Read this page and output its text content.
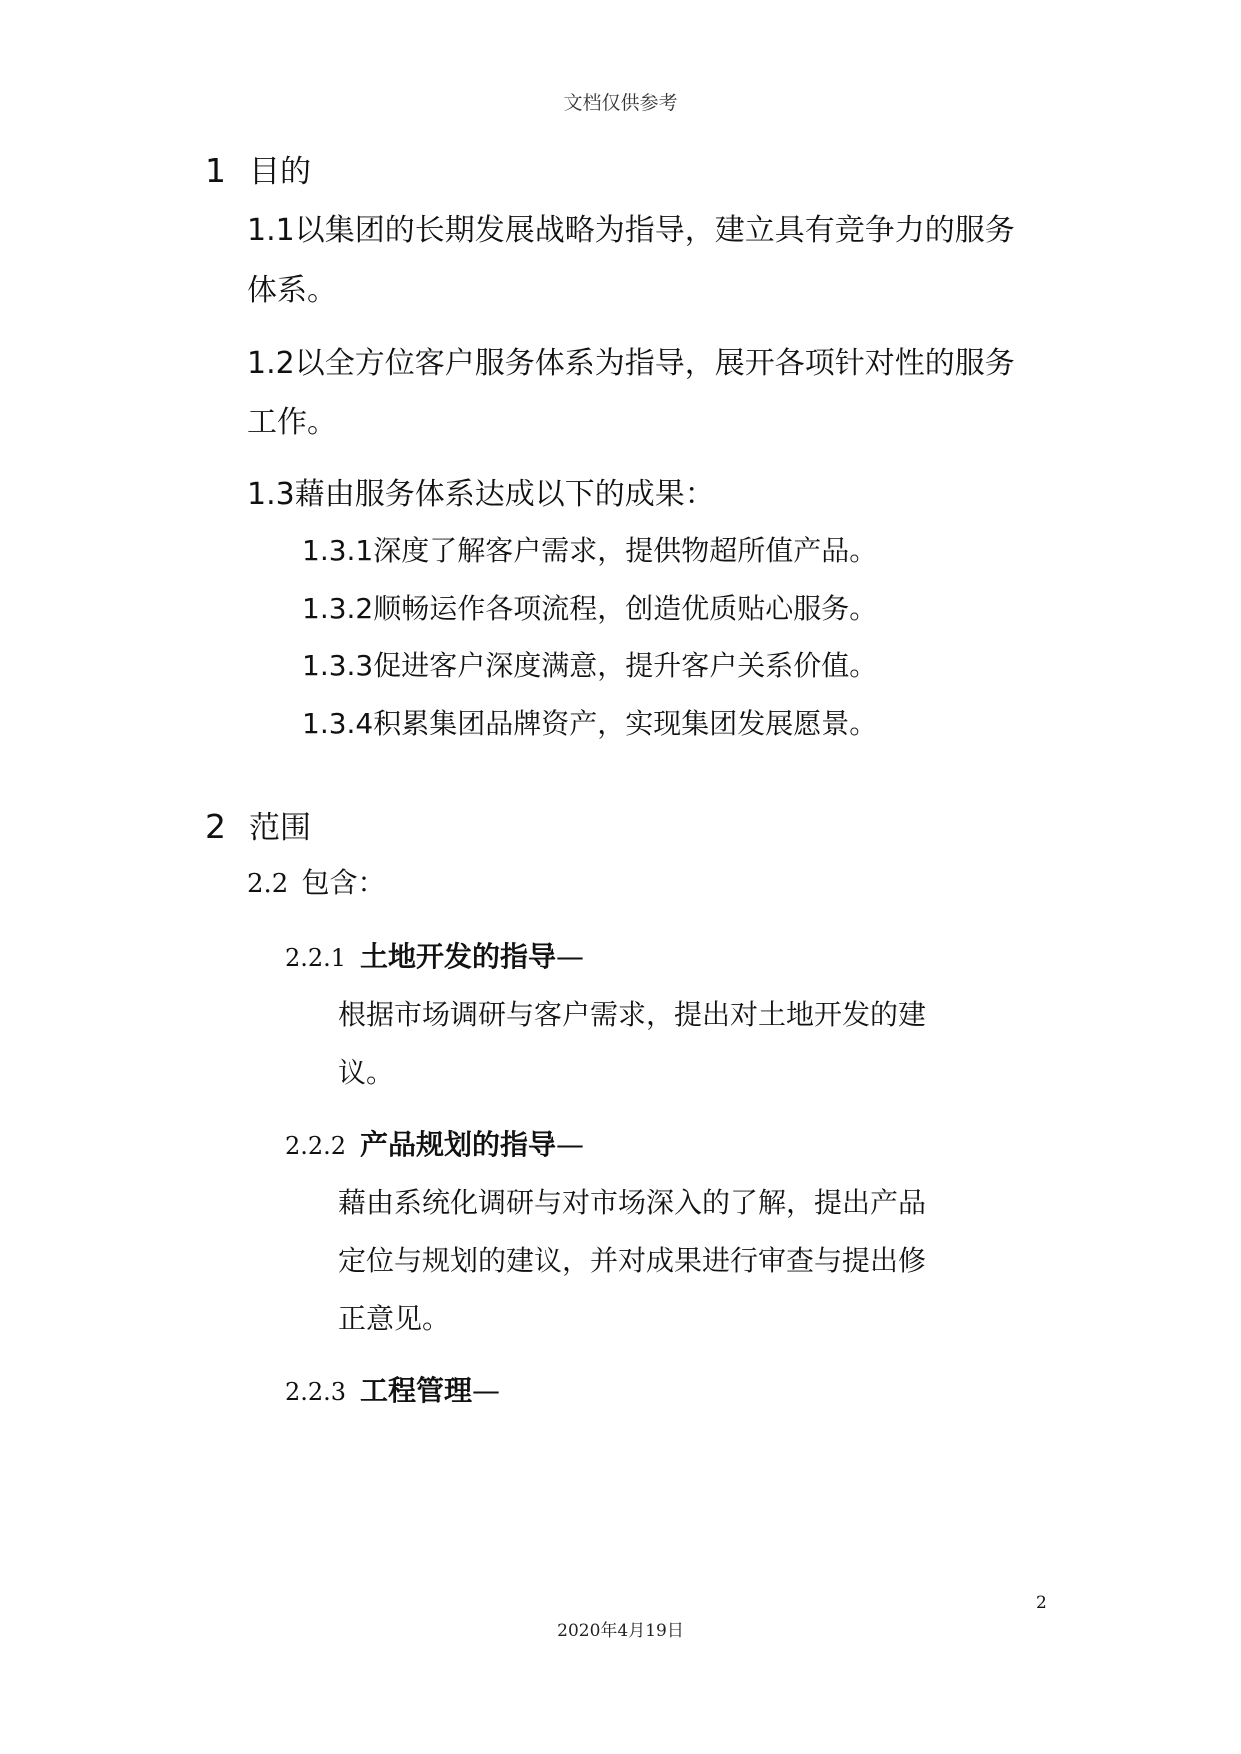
文档仅供参考
1 目的
1.1以集团的长期发展战略为指导，建立具有竞争力的服务
体系。
1.2以全方位客户服务体系为指导，展开各项针对性的服务
工作。
1.3藉由服务体系达成以下的成果：
1.3.1深度了解客户需求，提供物超所值产品。
1.3.2顺畅运作各项流程，创造优质贴心服务。
1.3.3促进客户深度满意，提升客户关系价值。
1.3.4积累集团品牌资产，实现集团发展愿景。
2 范围
2.2 包含：
2.2.1 土地开发的指导—
根据市场调研与客户需求，提出对土地开发的建
议。
2.2.2 产品规划的指导—
藉由系统化调研与对市场深入的了解，提出产品
定位与规划的建议，并对成果进行审查与提出修
正意见。
2.2.3 工程管理—
2
2020年4月19日
